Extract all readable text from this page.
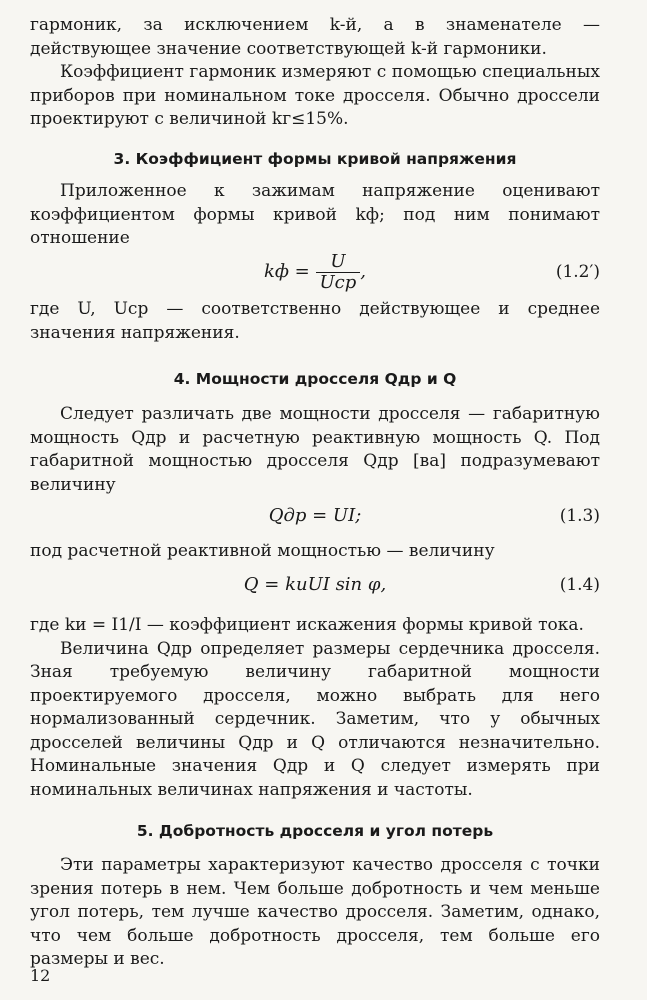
гармоник, за исключением k-й, а в знаменателе — действующее значение соответствующей k-й гармоники.

Коэффициент гармоник измеряют с помощью специальных приборов при номинальном токе дросселя. Обычно дроссели проектируют с величиной kг≤15%.

3. Коэффициент формы кривой напряжения

Приложенное к зажимам напряжение оценивают коэффициентом формы кривой kф; под ним понимают отношение

kф = $\frac{U}{\text{Uср}}$ ,	(1.2′)

где U, Uср — соответственно действующее и среднее значения напряжения.

4. Мощности дросселя Qдр и Q

Следует различать две мощности дросселя — габаритную мощность Qдр и расчетную реактивную мощность Q. Под габаритной мощностью дросселя Qдр [ва] подразумевают величину

Qдр = UI;	(1.3)

под расчетной реактивной мощностью — величину

Q = kиUI sin φ,	(1.4)

где kи = I1/I — коэффициент искажения формы кривой тока.

Величина Qдр определяет размеры сердечника дросселя. Зная требуемую величину габаритной мощности проектируемого дросселя, можно выбрать для него нормализованный сердечник. Заметим, что у обычных дросселей величины Qдр и Q отличаются незначительно. Номинальные значения Qдр и Q следует измерять при номинальных величинах напряжения и частоты.

5. Добротность дросселя и угол потерь

Эти параметры характеризуют качество дросселя с точки зрения потерь в нем. Чем больше добротность и чем меньше угол потерь, тем лучше качество дросселя. Заметим, однако, что чем больше добротность дросселя, тем больше его размеры и вес.

12
